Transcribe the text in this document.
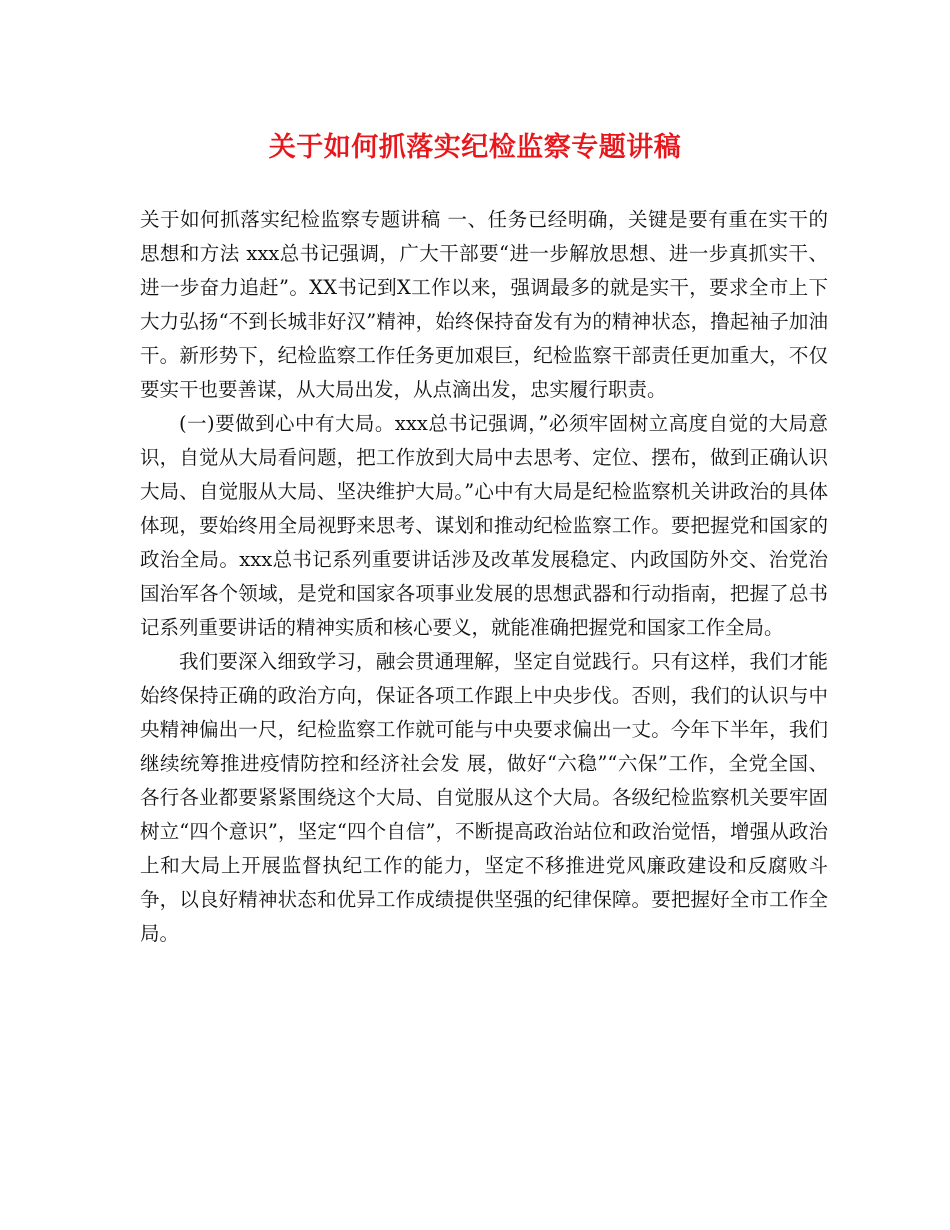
关于如何抓落实纪检监察专题讲稿

关于如何抓落实纪检监察专题讲稿 一、任务已经明确，关键是要有重在实干的思想和方法 xxx总书记强调，广大干部要“进一步解放思想、进一步真抓实干、进一步奋力追赶”。XX书记到X工作以来，强调最多的就是实干，要求全市上下大力弘扬“不到长城非好汉”精神，始终保持奋发有为的精神状态，撸起袖子加油干。新形势下，纪检监察工作任务更加艰巨，纪检监察干部责任更加重大，不仅要实干也要善谋，从大局出发，从点滴出发，忠实履行职责。

(一)要做到心中有大局。xxx总书记强调，”必须牢固树立高度自觉的大局意识，自觉从大局看问题，把工作放到大局中去思考、定位、摆布，做到正确认识大局、自觉服从大局、坚决维护大局。”心中有大局是纪检监察机关讲政治的具体体现，要始终用全局视野来思考、谋划和推动纪检监察工作。要把握党和国家的政治全局。xxx总书记系列重要讲话涉及改革发展稳定、内政国防外交、治党治国治军各个领域，是党和国家各项事业发展的思想武器和行动指南，把握了总书记系列重要讲话的精神实质和核心要义，就能准确把握党和国家工作全局。

我们要深入细致学习，融会贯通理解，坚定自觉践行。只有这样，我们才能始终保持正确的政治方向，保证各项工作跟上中央步伐。否则，我们的认识与中央精神偏出一尺，纪检监察工作就可能与中央要求偏出一丈。今年下半年，我们继续统筹推进疫情防控和经济社会发 展，做好“六稳”“六保”工作，全党全国、各行各业都要紧紧围绕这个大局、自觉服从这个大局。各级纪检监察机关要牢固树立“四个意识”，坚定“四个自信”，不断提高政治站位和政治觉悟，增强从政治上和大局上开展监督执纪工作的能力，坚定不移推进党风廉政建设和反腐败斗争，以良好精神状态和优异工作成绩提供坚强的纪律保障。要把握好全市工作全局。
